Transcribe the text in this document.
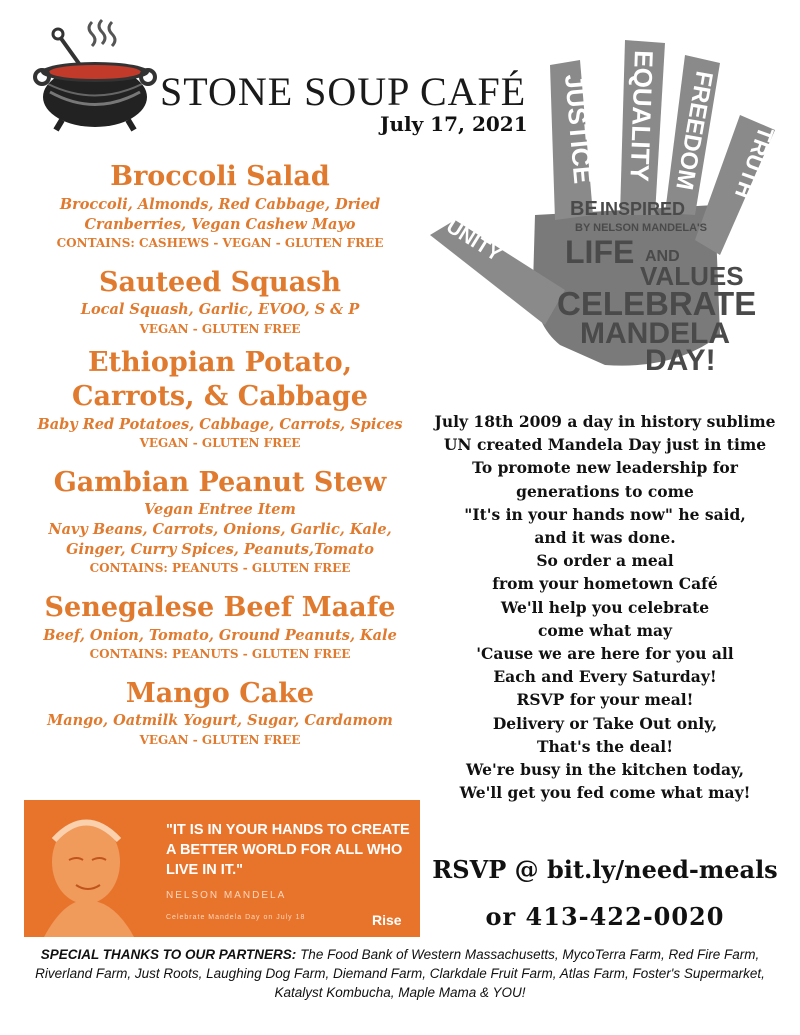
STONE SOUP CAFÉ
July 17, 2021 JUSTICE EQUALITY FREEDOM TRUTH
UNITY
BE INSPIRED
BY NELSON MANDELA'S
LIFE AND
VALUES
CELEBRATE
MANDELA
DAY!
Broccoli Salad
Broccoli, Almonds, Red Cabbage, Dried Cranberries, Vegan Cashew Mayo
CONTAINS: CASHEWS - VEGAN - GLUTEN FREE
Sauteed Squash
Local Squash, Garlic, EVOO, S & P
VEGAN - GLUTEN FREE
Ethiopian Potato, Carrots, & Cabbage
Baby Red Potatoes, Cabbage, Carrots, Spices
VEGAN - GLUTEN FREE
Gambian Peanut Stew
Vegan Entree Item
Navy Beans, Carrots, Onions, Garlic, Kale, Ginger, Curry Spices, Peanuts,Tomato
CONTAINS: PEANUTS - GLUTEN FREE
Senegalese Beef Maafe
Beef, Onion, Tomato, Ground Peanuts, Kale
CONTAINS: PEANUTS - GLUTEN FREE
Mango Cake
Mango, Oatmilk Yogurt, Sugar, Cardamom
VEGAN - GLUTEN FREE
July 18th 2009 a day in history sublime
UN created Mandela Day just in time
To promote new leadership for
generations to come
"It's in your hands now" he said,
and it was done.
So order a meal
from your hometown Café
We'll help you celebrate
come what may
'Cause we are here for you all
Each and Every Saturday!
RSVP for your meal!
Delivery or Take Out only,
That's the deal!
We're busy in the kitchen today,
We'll get you fed come what may!
RSVP @ bit.ly/need-meals
or 413-422-0020
"IT IS IN YOUR HANDS TO CREATE A BETTER WORLD FOR ALL WHO LIVE IN IT."
NELSON MANDELA
Celebrate Mandela Day on July 18	Rise
SPECIAL THANKS TO OUR PARTNERS: The Food Bank of Western Massachusetts, MycoTerra Farm, Red Fire Farm, Riverland Farm, Just Roots, Laughing Dog Farm, Diemand Farm, Clarkdale Fruit Farm, Atlas Farm, Foster's Supermarket, Katalyst Kombucha, Maple Mama & YOU!
